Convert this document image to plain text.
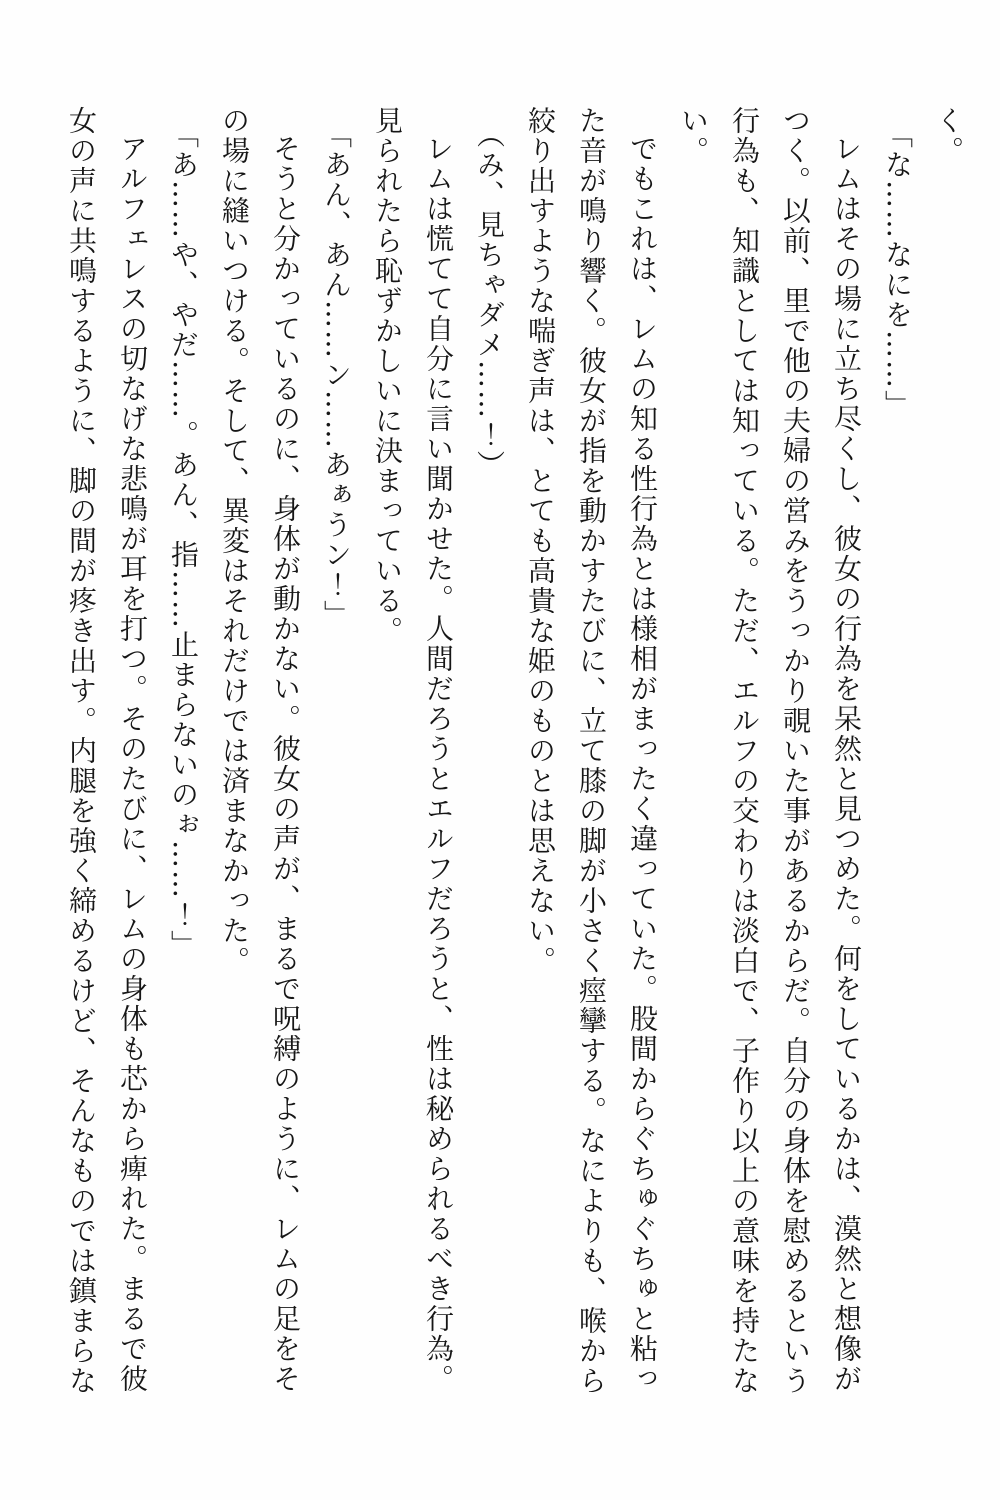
く。

「な……なにを……」

レムはその場に立ち尽くし、彼女の行為を呆然と見つめた。何をしているかは、漠然と想像がつく。以前、里で他の夫婦の営みをうっかり覗いた事があるからだ。自分の身体を慰めるという行為も、知識としては知っている。ただ、エルフの交わりは淡白で、子作り以上の意味を持たない。

でもこれは、レムの知る性行為とは様相がまったく違っていた。股間からぐちゅぐちゅと粘った音が鳴り響く。彼女が指を動かすたびに、立て膝の脚が小さく痙攣する。なによりも、喉から絞り出すような喘ぎ声は、とても高貴な姫のものとは思えない。

（み、見ちゃダメ……！）

レムは慌てて自分に言い聞かせた。人間だろうとエルフだろうと、性は秘められるべき行為。見られたら恥ずかしいに決まっている。

「あん、あん……ン……あぁうン！」

そうと分かっているのに、身体が動かない。彼女の声が、まるで呪縛のように、レムの足をその場に縫いつける。そして、異変はそれだけでは済まなかった。

「あ……や、やだ……。あん、指……止まらないのぉ……！」

アルフェレスの切なげな悲鳴が耳を打つ。そのたびに、レムの身体も芯から痺れた。まるで彼女の声に共鳴するように、脚の間が疼き出す。内腿を強く締めるけど、そんなものでは鎮まらな
